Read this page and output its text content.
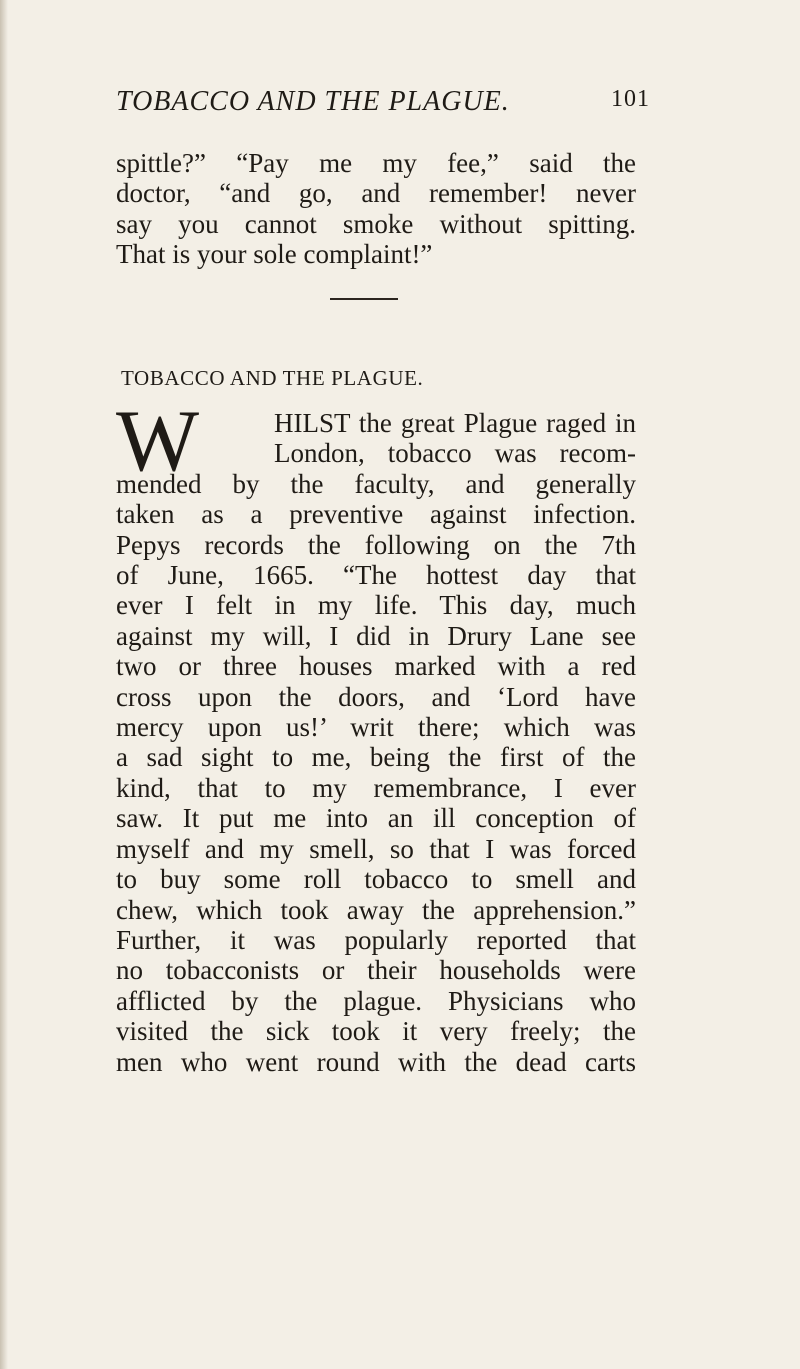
TOBACCO AND THE PLAGUE.	101
spittle?” “Pay me my fee,” said the
doctor, “and go, and remember! never
say you cannot smoke without spitting.
That is your sole complaint!”
TOBACCO AND THE PLAGUE.
W	HILST the great Plague raged in
London, tobacco was recom-
mended by the faculty, and generally
taken as a preventive against infection.
Pepys records the following on the 7th
of June, 1665. “The hottest day that
ever I felt in my life. This day, much
against my will, I did in Drury Lane see
two or three houses marked with a red
cross upon the doors, and ‘Lord have
mercy upon us!’ writ there; which was
a sad sight to me, being the first of the
kind, that to my remembrance, I ever
saw. It put me into an ill conception of
myself and my smell, so that I was forced
to buy some roll tobacco to smell and
chew, which took away the apprehension.”
Further, it was popularly reported that
no tobacconists or their households were
afflicted by the plague. Physicians who
visited the sick took it very freely; the
men who went round with the dead carts
